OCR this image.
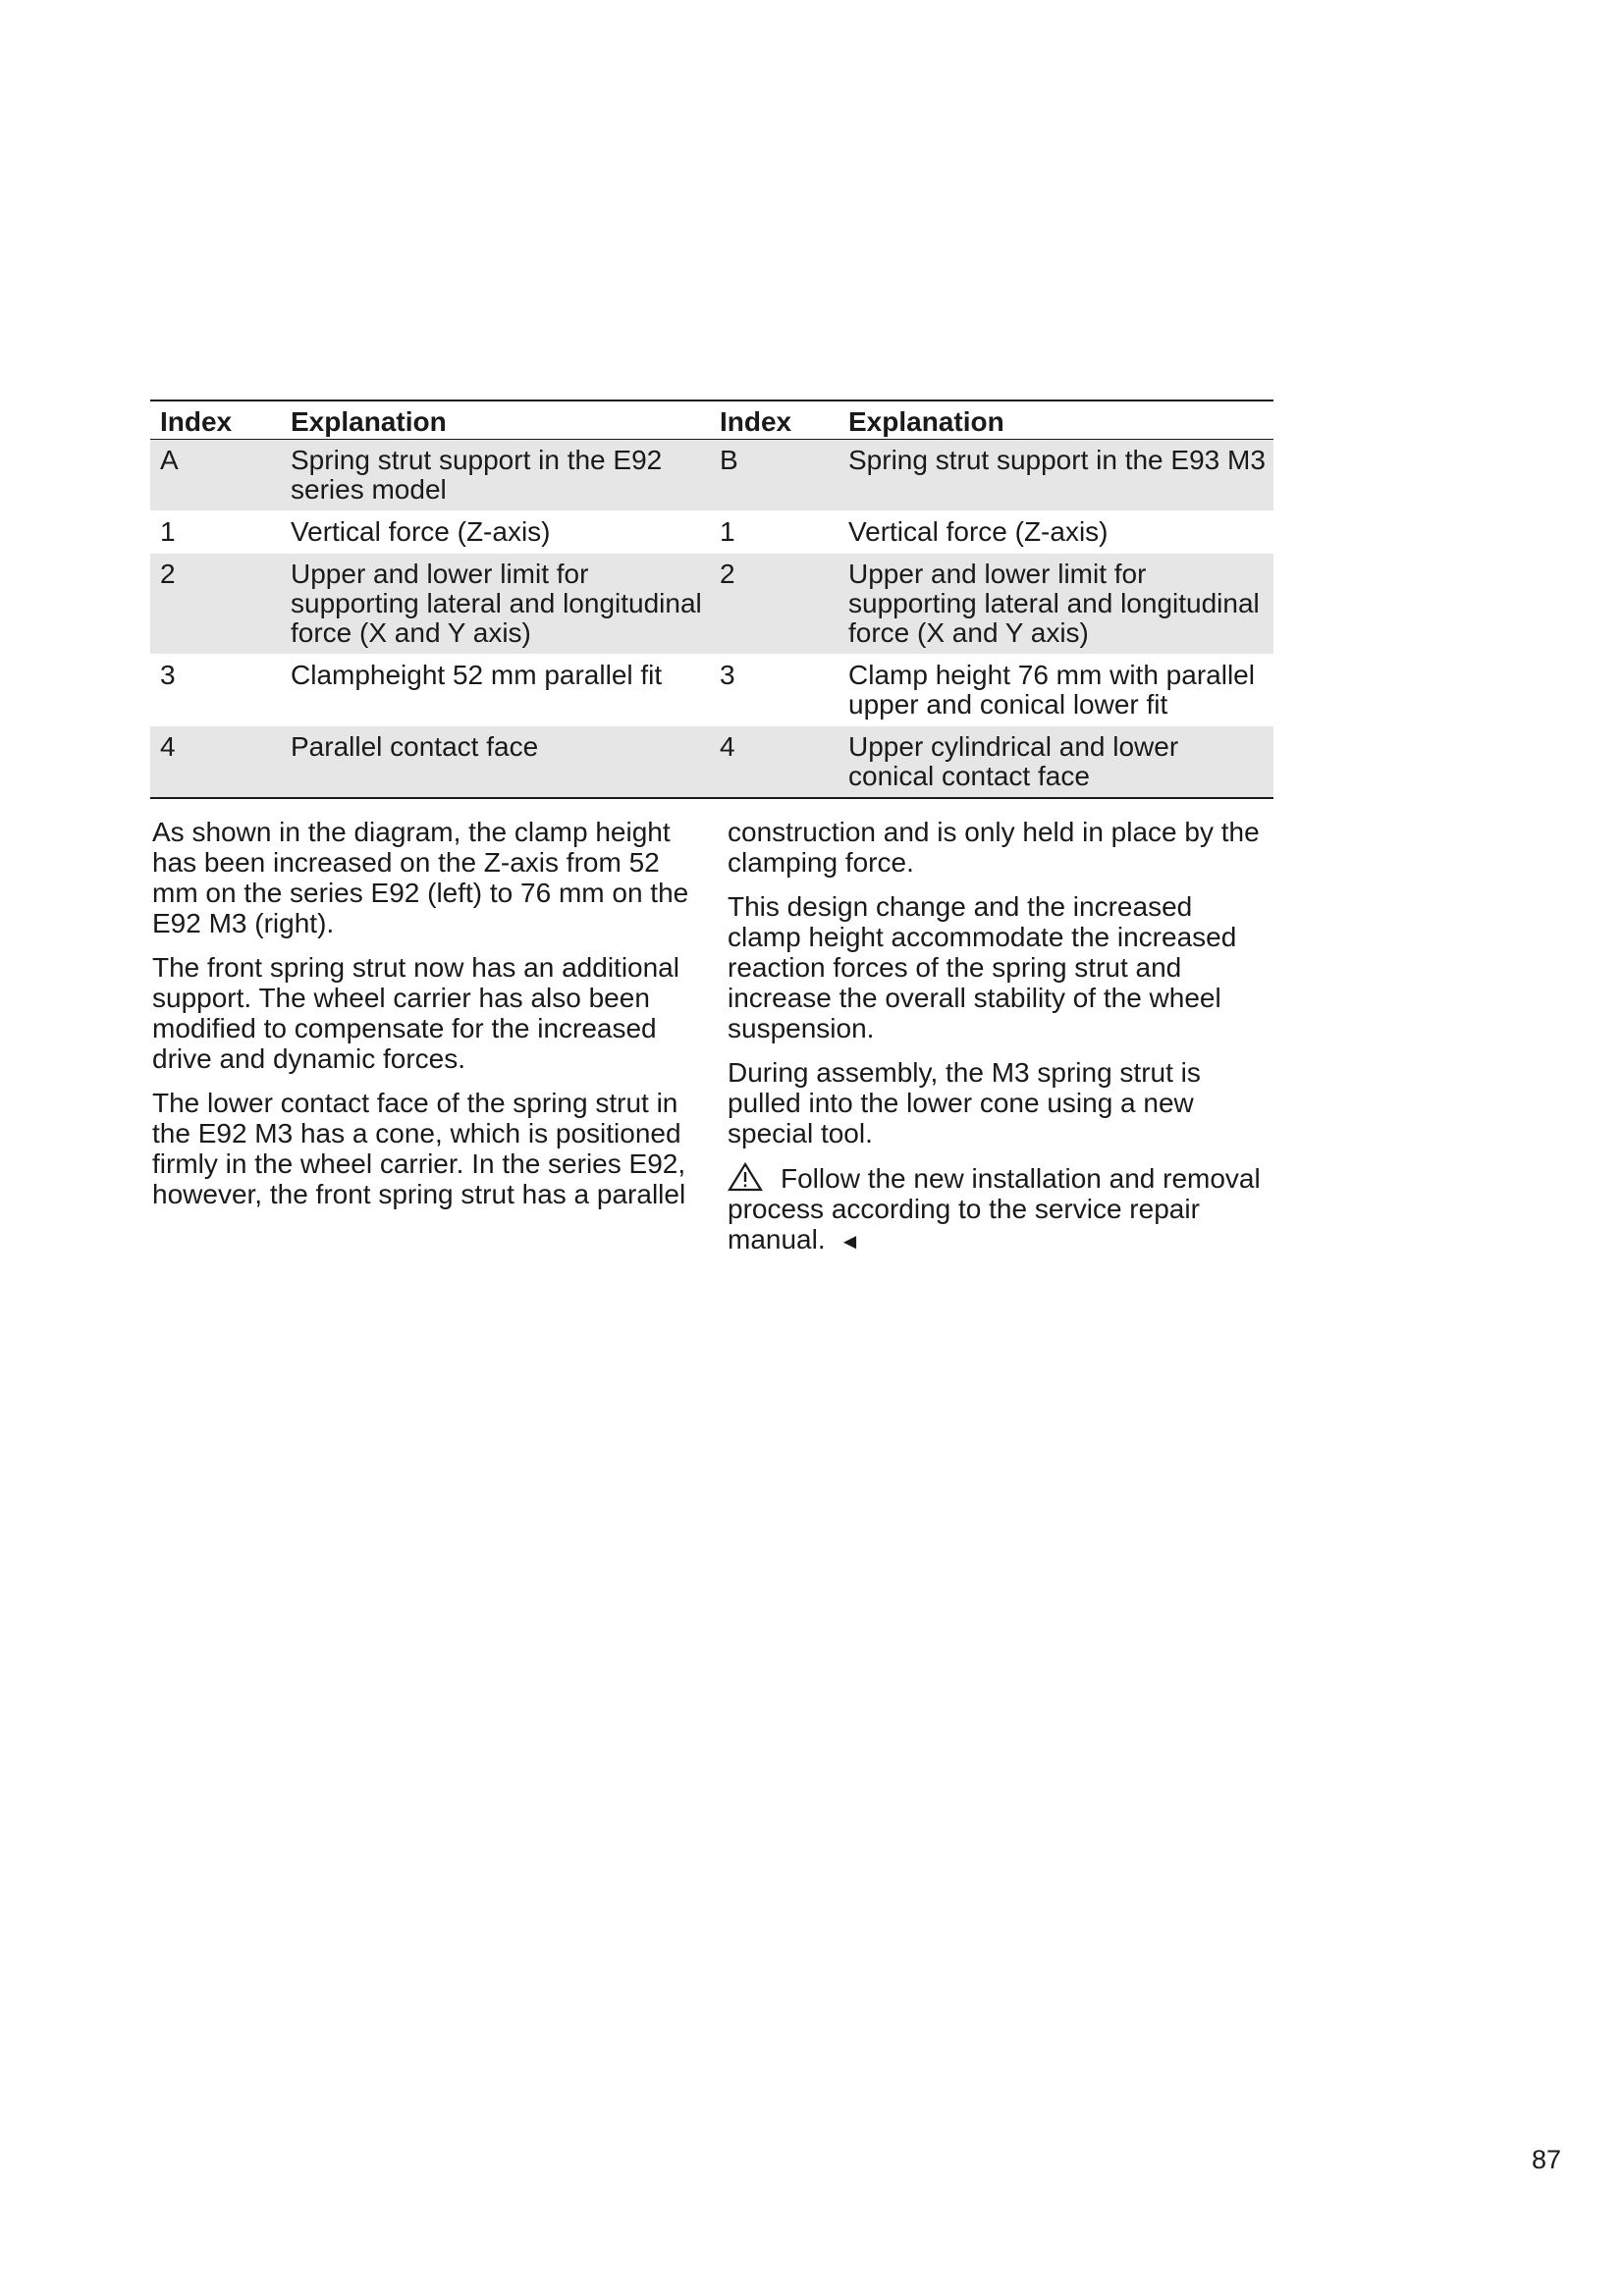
Index	Explanation	Index	Explanation
A	Spring strut support in the E92 series model	B	Spring strut support in the E93 M3
1	Vertical force (Z-axis)	1	Vertical force (Z-axis)
2	Upper and lower limit for supporting lateral and longitudinal force (X and Y axis)	2	Upper and lower limit for supporting lateral and longitudinal force (X and Y axis)
3	Clampheight 52 mm parallel fit	3	Clamp height 76 mm with parallel upper and conical lower fit
4	Parallel contact face	4	Upper cylindrical and lower conical contact face

As shown in the diagram, the clamp height has been increased on the Z-axis from 52 mm on the series E92 (left) to 76 mm on the E92 M3 (right).

The front spring strut now has an additional support. The wheel carrier has also been modified to compensate for the increased drive and dynamic forces.

The lower contact face of the spring strut in the E92 M3 has a cone, which is positioned firmly in the wheel carrier. In the series E92, however, the front spring strut has a parallel

construction and is only held in place by the clamping force.

This design change and the increased clamp height accommodate the increased reaction forces of the spring strut and increase the overall stability of the wheel suspension.

During assembly, the M3 spring strut is pulled into the lower cone using a new special tool.

Follow the new installation and removal process according to the service repair manual. ◄

87
